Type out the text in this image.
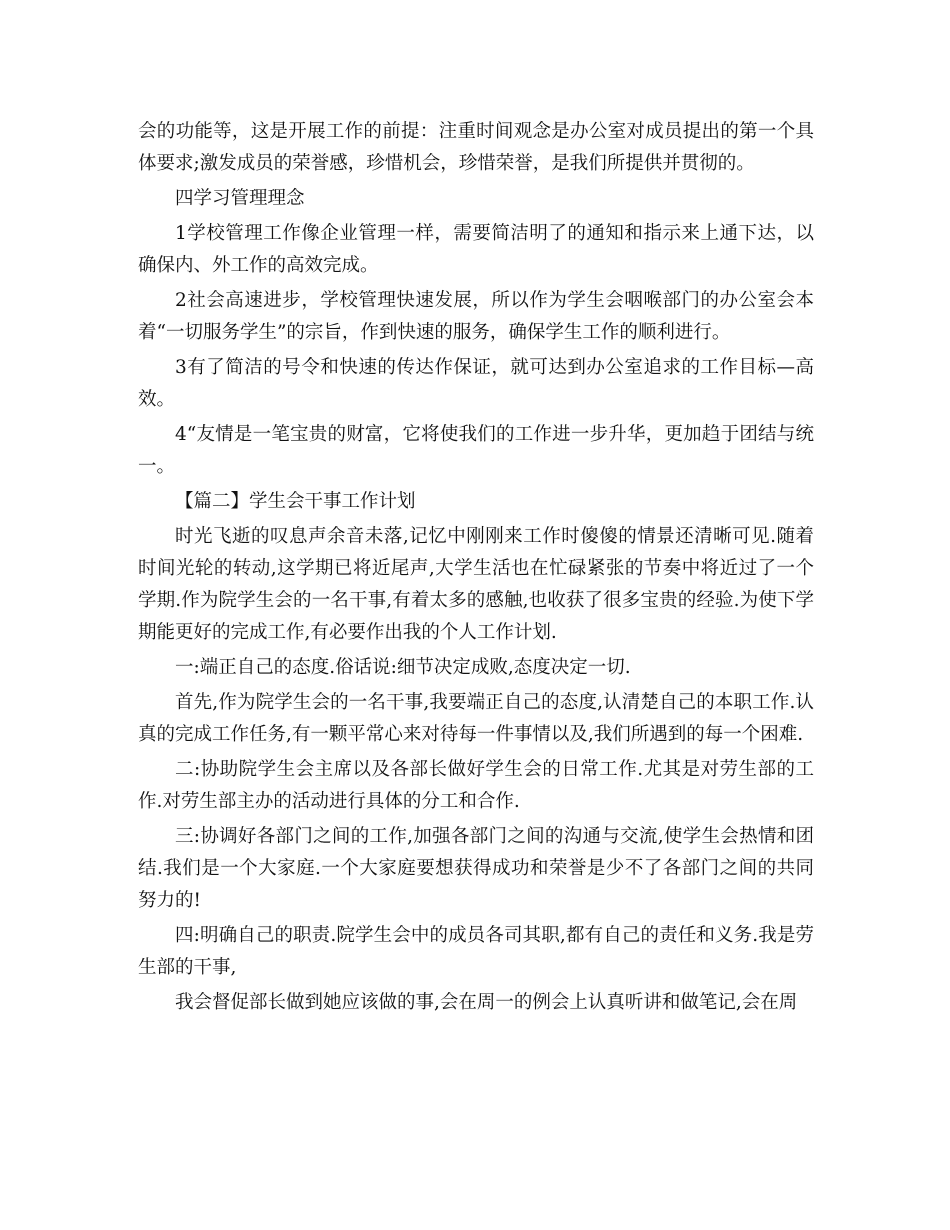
会的功能等，这是开展工作的前提：注重时间观念是办公室对成员提出的第一个具体要求;激发成员的荣誉感，珍惜机会，珍惜荣誉，是我们所提供并贯彻的。

四学习管理理念

1学校管理工作像企业管理一样，需要简洁明了的通知和指示来上通下达，以确保内、外工作的高效完成。

2社会高速进步，学校管理快速发展，所以作为学生会咽喉部门的办公室会本着“一切服务学生”的宗旨，作到快速的服务，确保学生工作的顺利进行。

3有了简洁的号令和快速的传达作保证，就可达到办公室追求的工作目标—高效。

4“友情是一笔宝贵的财富，它将使我们的工作进一步升华，更加趋于团结与统一。

【篇二】学生会干事工作计划

时光飞逝的叹息声余音未落,记忆中刚刚来工作时傻傻的情景还清晰可见.随着时间光轮的转动,这学期已将近尾声,大学生活也在忙碌紧张的节奏中将近过了一个学期.作为院学生会的一名干事,有着太多的感触,也收获了很多宝贵的经验.为使下学期能更好的完成工作,有必要作出我的个人工作计划.

一:端正自己的态度.俗话说:细节决定成败,态度决定一切.

首先,作为院学生会的一名干事,我要端正自己的态度,认清楚自己的本职工作.认真的完成工作任务,有一颗平常心来对待每一件事情以及,我们所遇到的每一个困难.

二:协助院学生会主席以及各部长做好学生会的日常工作.尤其是对劳生部的工作.对劳生部主办的活动进行具体的分工和合作.

三:协调好各部门之间的工作,加强各部门之间的沟通与交流,使学生会热情和团结.我们是一个大家庭.一个大家庭要想获得成功和荣誉是少不了各部门之间的共同努力的!

四:明确自己的职责.院学生会中的成员各司其职,都有自己的责任和义务.我是劳生部的干事,

我会督促部长做到她应该做的事,会在周一的例会上认真听讲和做笔记,会在周
